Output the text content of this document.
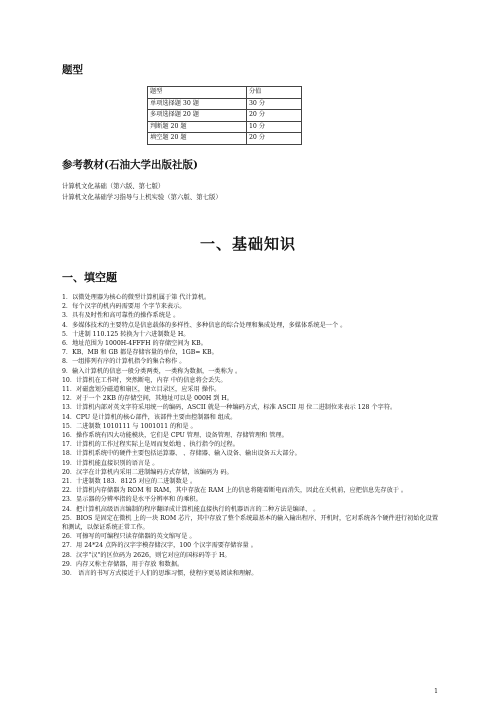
题型
题型	分值
单项选择题 30 题	30 分
多项选择题 20 题	20 分
判断题 20 题	10 分
填空题 20 题	20 分
参考教材(石油大学出版社版)
计算机文化基础（第六版、第七版）
计算机文化基础学习指导与上机实验（第六版、第七版）
一、基础知识
一、填空题
1．以微处理器为核心的微型计算机属于第 代计算机。
2．每个汉字的机内码需要用 个字节来表示。
3．具有及时性和高可靠性的操作系统是 。
4．多媒体技术的主要特点是信息载体的多样性、多种信息的综合处理和集成处理，多媒体系统是一个 。
5．十进制 110.125 转换为十六进制数是 H。
6．地址范围为 1000H-4FFFH 的存储空间为 KB。
7．KB、MB 和 GB 都是存储容量的单位，1GB= KB。
8．一组排列有序的计算机指令的集合称作 。
9．输入计算机的信息一般分类两类，一类称为数据，一类称为 。
10．计算机在工作时，突然断电，内存 中的信息将会丢失。
11．对磁盘划分磁道和扇区，建立目录区，应采用 操作。
12．对于一个 2KB 的存储空间，其地址可以是 000H 到 H。
13．计算机内部对英文字符采用统一的编码，ASCII 就是一种编码方式，标准 ASCII 用 位二进制位来表示 128 个字符。
14．CPU 是计算机的核心部件，该部件主要由控制器和 组成。
15．二进制数 1010111 与 1001011 的和是 。
16．操作系统有四大功能模块，它们是 CPU 管理、设备管理、存储管理和 管理。
17．计算机的工作过程实际上是周而复始地 、执行指令的过程。
18．计算机系统中的硬件主要包括运算器、 、存储器、输入设备、输出设备五大部分。
19．计算机能直接识别的语言是 。
20．汉字在计算机内采用二进制编码方式存储，该编码为 码。
21．十进制数 183．8125 对应的二进制数是 。
22．计算机内存储器为 ROM 和 RAM，其中存放在 RAM 上的信息将随着断电而消失，因此在关机前，应把信息先存放于 。
23．显示器的分辨率指的是水平分辨率和 的乘积。
24．把计算机高级语言编制的程序翻译成计算机能直接执行的机器语言的二种方法是编译、 。
25．BIOS 是固定在微机 上的一块 ROM 芯片，其中存放了整个系统最基本的输入输出程序、开机时，它对系统各个硬件进行初始化设置和测试，以保证系统正常工作。
26．可擦写的可编程只读存储器的英文缩写是 。
27．用 24*24 点阵的汉字字模存储汉字，100 个汉字需要存储容量 。
28．汉字"汉"的区位码为 2626，则它对应的国标码等于 H。
29．内存又称主存储器，用于存放 和数据。
30． 语言的书写方式接近于人们的思维习惯，使程序更易阅读和理解。
1
